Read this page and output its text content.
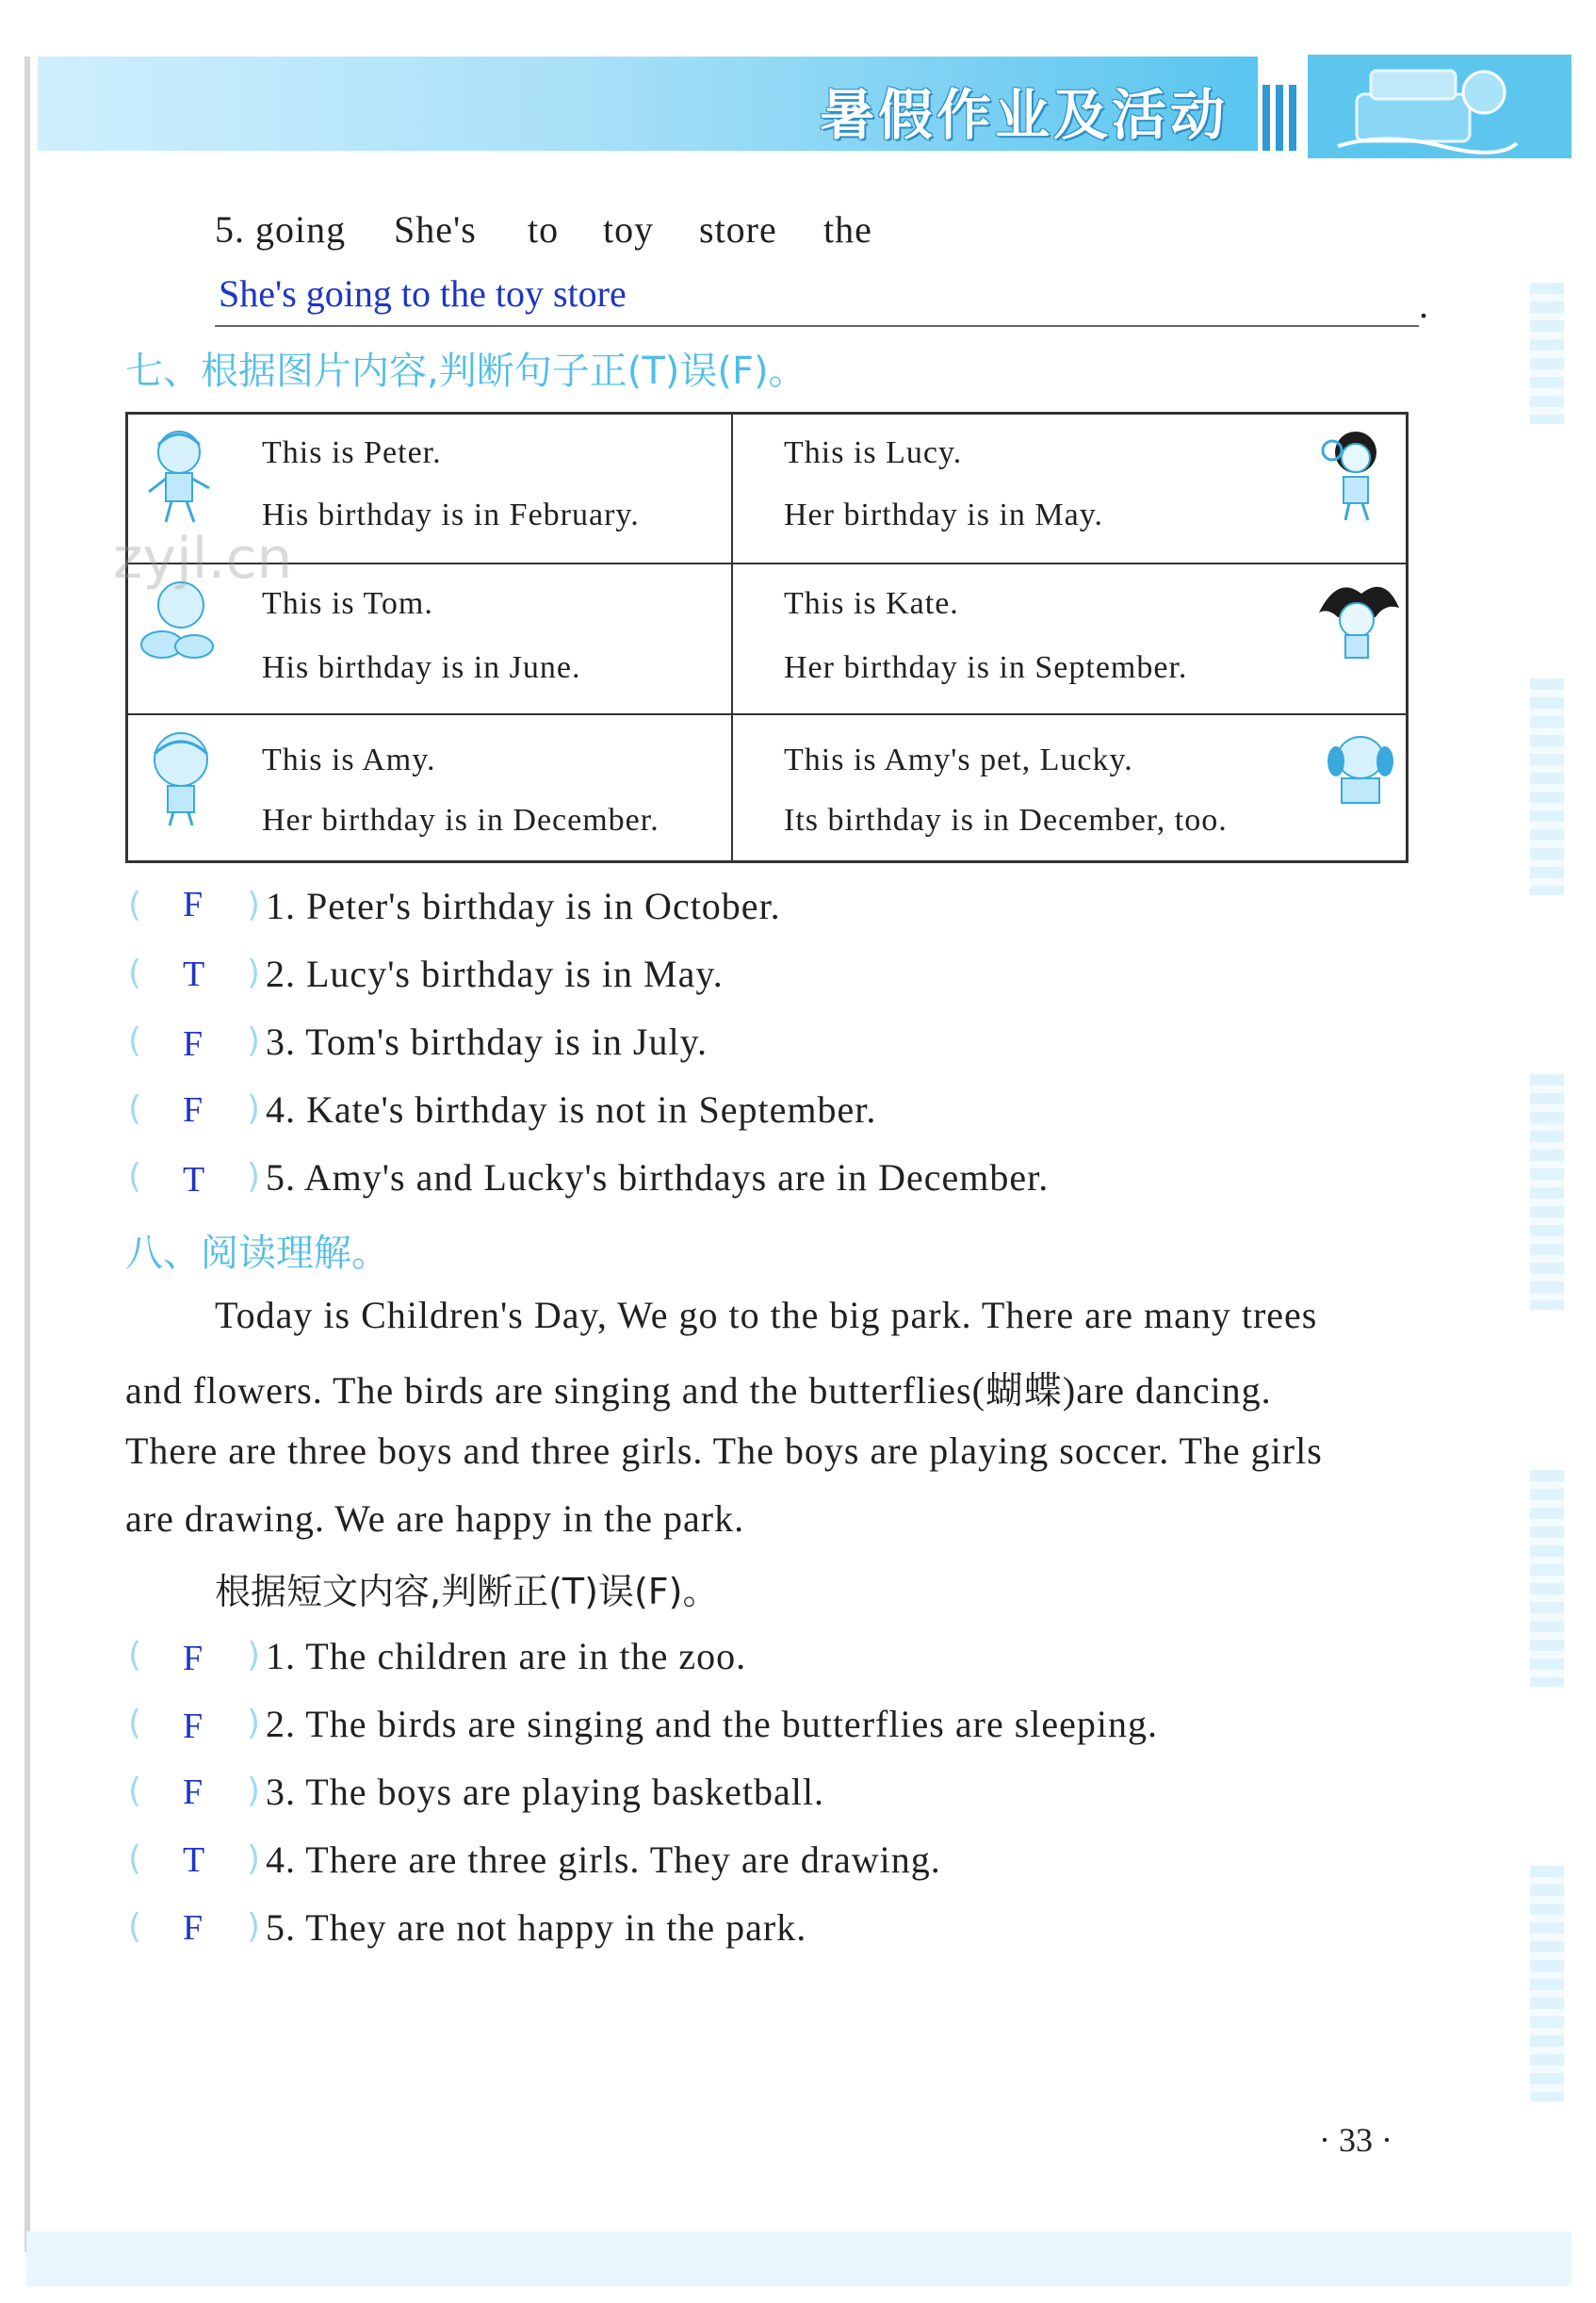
暑假作业及活动
5. going She's to toy store the
She's going to the toy store	.
七、根据图片内容,判断句子正(T)误(F)。
This is Peter.
His birthday is in February.
This is Lucy.
Her birthday is in May.
This is Tom.
His birthday is in June.
This is Kate.
Her birthday is in September.
This is Amy.
Her birthday is in December.
This is Amy's pet, Lucky.
Its birthday is in December, too.
zyjl.cn
( F ) 1. Peter's birthday is in October.
( T ) 2. Lucy's birthday is in May.
( F ) 3. Tom's birthday is in July.
( F ) 4. Kate's birthday is not in September.
( T ) 5. Amy's and Lucky's birthdays are in December.
八、阅读理解。
Today is Children's Day, We go to the big park. There are many trees
and flowers. The birds are singing and the butterflies(蝴蝶)are dancing.
There are three boys and three girls. The boys are playing soccer. The girls
are drawing. We are happy in the park.
根据短文内容,判断正(T)误(F)。
( F ) 1. The children are in the zoo.
( F ) 2. The birds are singing and the butterflies are sleeping.
( F ) 3. The boys are playing basketball.
( T ) 4. There are three girls. They are drawing.
( F ) 5. They are not happy in the park.
· 33 ·
